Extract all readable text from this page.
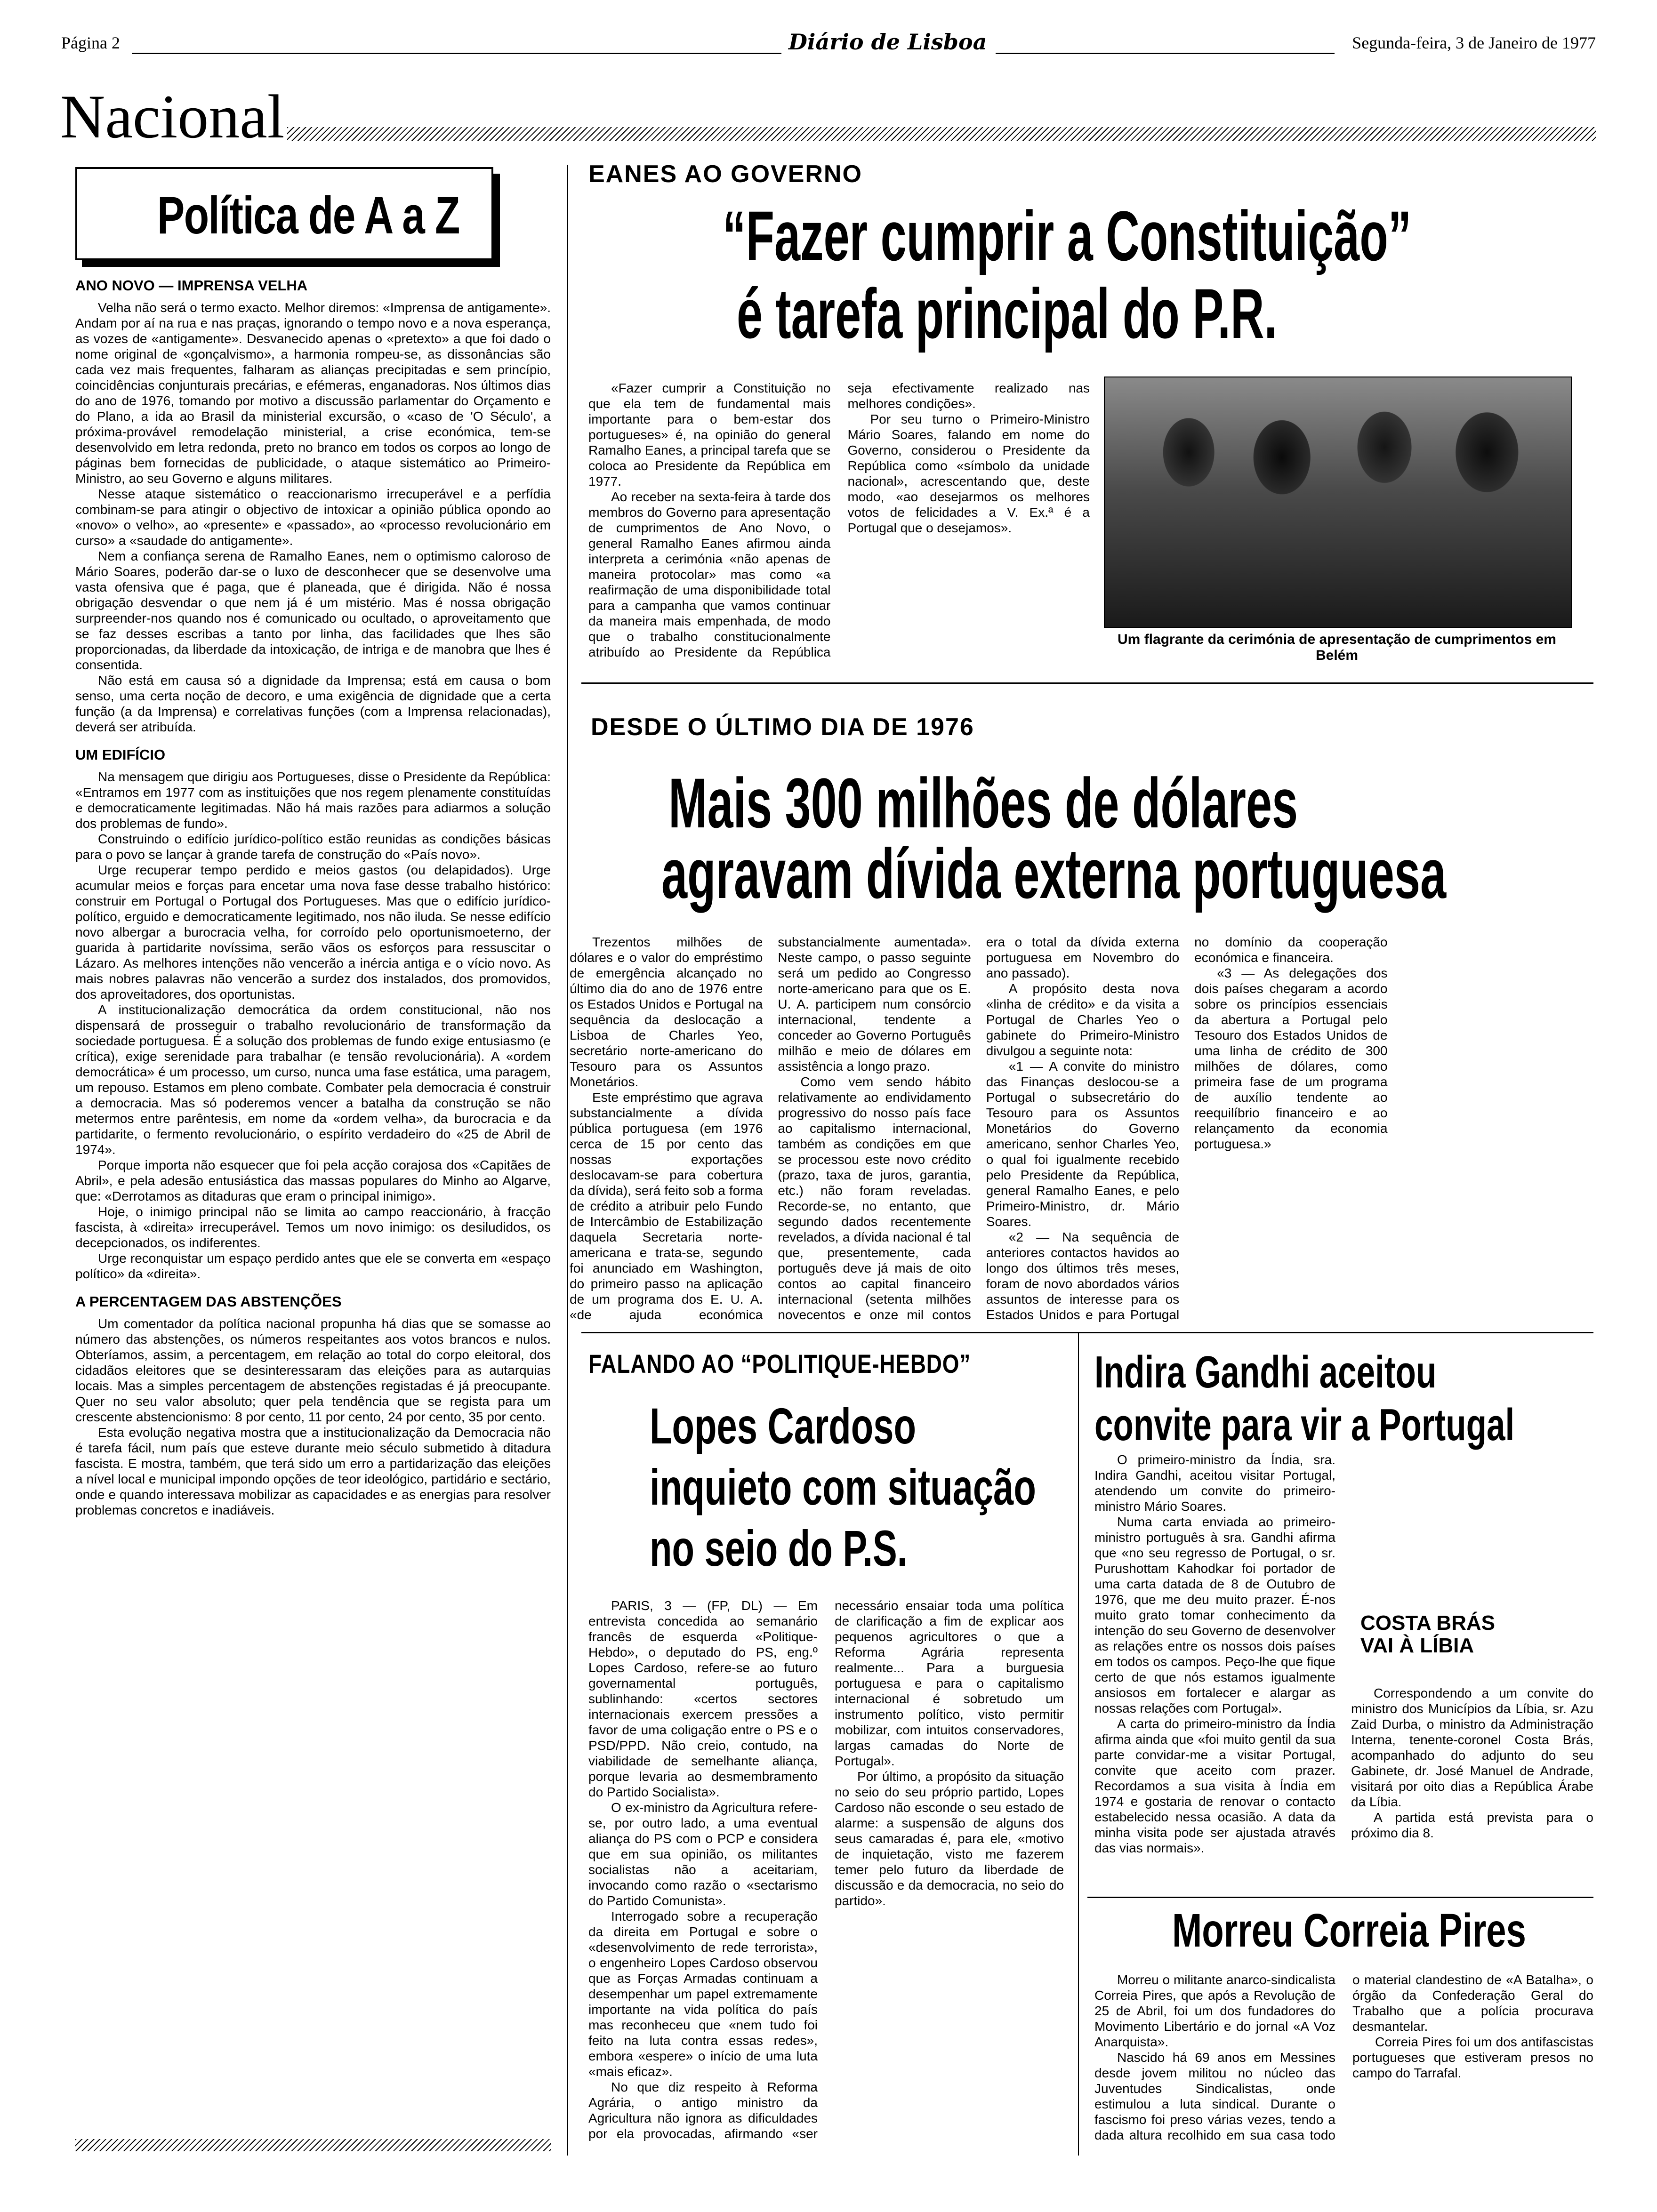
Página 2	Diário de Lisboa	Segunda-feira, 3 de Janeiro de 1977
Nacional
Política de A a Z
ANO NOVO — IMPRENSA VELHA

Velha não será o termo exacto. Melhor diremos: «Imprensa de antigamente». Andam por aí na rua e nas praças, ignorando o tempo novo e a nova esperança, as vozes de «antigamente». Desvanecido apenas o «pretexto» a que foi dado o nome original de «gonçalvismo», a harmonia rompeu-se, as dissonâncias são cada vez mais frequentes, falharam as alianças precipitadas e sem princípio, coincidências conjunturais precárias, e efémeras, enganadoras. Nos últimos dias do ano de 1976, tomando por motivo a discussão parlamentar do Orçamento e do Plano, a ida ao Brasil da ministerial excursão, o «caso de 'O Século', a próxima-provável remodelação ministerial, a crise económica, tem-se desenvolvido em letra redonda, preto no branco em todos os corpos ao longo de páginas bem fornecidas de publicidade, o ataque sistemático ao Primeiro-Ministro, ao seu Governo e alguns militares.

Nesse ataque sistemático o reaccionarismo irrecuperável e a perfídia combinam-se para atingir o objectivo de intoxicar a opinião pública opondo ao «novo» o velho», ao «presente» e «passado», ao «processo revolucionário em curso» a «saudade do antigamente».

Nem a confiança serena de Ramalho Eanes, nem o optimismo caloroso de Mário Soares, poderão dar-se o luxo de desconhecer que se desenvolve uma vasta ofensiva que é paga, que é planeada, que é dirigida. Não é nossa obrigação desvendar o que nem já é um mistério. Mas é nossa obrigação surpreender-nos quando nos é comunicado ou ocultado, o aproveitamento que se faz desses escribas a tanto por linha, das facilidades que lhes são proporcionadas, da liberdade da intoxicação, de intriga e de manobra que lhes é consentida.

Não está em causa só a dignidade da Imprensa; está em causa o bom senso, uma certa noção de decoro, e uma exigência de dignidade que a certa função (a da Imprensa) e correlativas funções (com a Imprensa relacionadas), deverá ser atribuída.

UM EDIFÍCIO

Na mensagem que dirigiu aos Portugueses, disse o Presidente da República: «Entramos em 1977 com as instituições que nos regem plenamente constituídas e democraticamente legitimadas. Não há mais razões para adiarmos a solução dos problemas de fundo».

Construindo o edifício jurídico-político estão reunidas as condições básicas para o povo se lançar à grande tarefa de construção do «País novo».

Urge recuperar tempo perdido e meios gastos (ou delapidados). Urge acumular meios e forças para encetar uma nova fase desse trabalho histórico: construir em Portugal o Portugal dos Portugueses. Mas que o edifício jurídico-político, erguido e democraticamente legitimado, nos não iluda. Se nesse edifício novo albergar a burocracia velha, for corroído pelo oportunismoeterno, der guarida à partidarite novíssima, serão vãos os esforços para ressuscitar o Lázaro. As melhores intenções não vencerão a inércia antiga e o vício novo. As mais nobres palavras não vencerão a surdez dos instalados, dos promovidos, dos aproveitadores, dos oportunistas.

A institucionalização democrática da ordem constitucional, não nos dispensará de prosseguir o trabalho revolucionário de transformação da sociedade portuguesa. É a solução dos problemas de fundo exige entusiasmo (e crítica), exige serenidade para trabalhar (e tensão revolucionária). A «ordem democrática» é um processo, um curso, nunca uma fase estática, uma paragem, um repouso. Estamos em pleno combate. Combater pela democracia é construir a democracia. Mas só poderemos vencer a batalha da construção se não metermos entre parêntesis, em nome da «ordem velha», da burocracia e da partidarite, o fermento revolucionário, o espírito verdadeiro do «25 de Abril de 1974».

Porque importa não esquecer que foi pela acção corajosa dos «Capitães de Abril», e pela adesão entusiástica das massas populares do Minho ao Algarve, que: «Derrotamos as ditaduras que eram o principal inimigo».

Hoje, o inimigo principal não se limita ao campo reaccionário, à fracção fascista, à «direita» irrecuperável. Temos um novo inimigo: os desiludidos, os decepcionados, os indiferentes.

Urge reconquistar um espaço perdido antes que ele se converta em «espaço político» da «direita».

A PERCENTAGEM DAS ABSTENÇÕES

Um comentador da política nacional propunha há dias que se somasse ao número das abstenções, os números respeitantes aos votos brancos e nulos. Obteríamos, assim, a percentagem, em relação ao total do corpo eleitoral, dos cidadãos eleitores que se desinteressaram das eleições para as autarquias locais. Mas a simples percentagem de abstenções registadas é já preocupante. Quer no seu valor absoluto; quer pela tendência que se regista para um crescente abstencionismo: 8 por cento, 11 por cento, 24 por cento, 35 por cento.

Esta evolução negativa mostra que a institucionalização da Democracia não é tarefa fácil, num país que esteve durante meio século submetido à ditadura fascista. E mostra, também, que terá sido um erro a partidarização das eleições a nível local e municipal impondo opções de teor ideológico, partidário e sectário, onde e quando interessava mobilizar as capacidades e as energias para resolver problemas concretos e inadiáveis.

EANES AO GOVERNO
“Fazer cumprir a Constituição”
é tarefa principal do P.R.

«Fazer cumprir a Constituição no que ela tem de fundamental mais importante para o bem-estar dos portugueses» é, na opinião do general Ramalho Eanes, a principal tarefa que se coloca ao Presidente da República em 1977.

Ao receber na sexta-feira à tarde dos membros do Governo para apresentação de cumprimentos de Ano Novo, o general Ramalho Eanes afirmou ainda interpreta a cerimónia «não apenas de maneira protocolar» mas como «a reafirmação de uma disponibilidade total para a campanha que vamos continuar da maneira mais empenhada, de modo que o trabalho constitucionalmente atribuído ao Presidente da República seja efectivamente realizado nas melhores condições».

Por seu turno o Primeiro-Ministro Mário Soares, falando em nome do Governo, considerou o Presidente da República como «símbolo da unidade nacional», acrescentando que, deste modo, «ao desejarmos os melhores votos de felicidades a V. Ex.ª é a Portugal que o desejamos».

Um flagrante da cerimónia de apresentação de cumprimentos em Belém
DESDE O ÚLTIMO DIA DE 1976
Mais 300 milhões de dólares
agravam dívida externa portuguesa

Trezentos milhões de dólares e o valor do empréstimo de emergência alcançado no último dia do ano de 1976 entre os Estados Unidos e Portugal na sequência da deslocação a Lisboa de Charles Yeo, secretário norte-americano do Tesouro para os Assuntos Monetários.

Este empréstimo que agrava substancialmente a dívida pública portuguesa (em 1976 cerca de 15 por cento das nossas exportações deslocavam-se para cobertura da dívida), será feito sob a forma de crédito a atribuir pelo Fundo de Intercâmbio de Estabilização daquela Secretaria norte-americana e trata-se, segundo foi anunciado em Washington, do primeiro passo na aplicação de um programa dos E. U. A. «de ajuda económica substancialmente aumentada». Neste campo, o passo seguinte será um pedido ao Congresso norte-americano para que os E. U. A. participem num consórcio internacional, tendente a conceder ao Governo Português milhão e meio de dólares em assistência a longo prazo.

Como vem sendo hábito relativamente ao endividamento progressivo do nosso país face ao capitalismo internacional, também as condições em que se processou este novo crédito (prazo, taxa de juros, garantia, etc.) não foram reveladas. Recorde-se, no entanto, que segundo dados recentemente revelados, a dívida nacional é tal que, presentemente, cada português deve já mais de oito contos ao capital financeiro internacional (setenta milhões novecentos e onze mil contos era o total da dívida externa portuguesa em Novembro do ano passado).

A propósito desta nova «linha de crédito» e da visita a Portugal de Charles Yeo o gabinete do Primeiro-Ministro divulgou a seguinte nota:

«1 — A convite do ministro das Finanças deslocou-se a Portugal o subsecretário do Tesouro para os Assuntos Monetários do Governo americano, senhor Charles Yeo, o qual foi igualmente recebido pelo Presidente da República, general Ramalho Eanes, e pelo Primeiro-Ministro, dr. Mário Soares.

«2 — Na sequência de anteriores contactos havidos ao longo dos últimos três meses, foram de novo abordados vários assuntos de interesse para os Estados Unidos e para Portugal no domínio da cooperação económica e financeira.

«3 — As delegações dos dois países chegaram a acordo sobre os princípios essenciais da abertura a Portugal pelo Tesouro dos Estados Unidos de uma linha de crédito de 300 milhões de dólares, como primeira fase de um programa de auxílio tendente ao reequilíbrio financeiro e ao relançamento da economia portuguesa.»

FALANDO AO “POLITIQUE-HEBDO”
Lopes Cardoso
inquieto com situação
no seio do P.S.

PARIS, 3 — (FP, DL) — Em entrevista concedida ao semanário francês de esquerda «Politique-Hebdo», o deputado do PS, eng.º Lopes Cardoso, refere-se ao futuro governamental português, sublinhando: «certos sectores internacionais exercem pressões a favor de uma coligação entre o PS e o PSD/PPD. Não creio, contudo, na viabilidade de semelhante aliança, porque levaria ao desmembramento do Partido Socialista».

O ex-ministro da Agricultura refere-se, por outro lado, a uma eventual aliança do PS com o PCP e considera que em sua opinião, os militantes socialistas não a aceitariam, invocando como razão o «sectarismo do Partido Comunista».

Interrogado sobre a recuperação da direita em Portugal e sobre o «desenvolvimento de rede terrorista», o engenheiro Lopes Cardoso observou que as Forças Armadas continuam a desempenhar um papel extremamente importante na vida política do país mas reconheceu que «nem tudo foi feito na luta contra essas redes», embora «espere» o início de uma luta «mais eficaz».

No que diz respeito à Reforma Agrária, o antigo ministro da Agricultura não ignora as dificuldades por ela provocadas, afirmando «ser necessário ensaiar toda uma política de clarificação a fim de explicar aos pequenos agricultores o que a Reforma Agrária representa realmente... Para a burguesia portuguesa e para o capitalismo internacional é sobretudo um instrumento político, visto permitir mobilizar, com intuitos conservadores, largas camadas do Norte de Portugal».

Por último, a propósito da situação no seio do seu próprio partido, Lopes Cardoso não esconde o seu estado de alarme: a suspensão de alguns dos seus camaradas é, para ele, «motivo de inquietação, visto me fazerem temer pelo futuro da liberdade de discussão e da democracia, no seio do partido».

Indira Gandhi aceitou
convite para vir a Portugal

O primeiro-ministro da Índia, sra. Indira Gandhi, aceitou visitar Portugal, atendendo um convite do primeiro-ministro Mário Soares.

Numa carta enviada ao primeiro-ministro português à sra. Gandhi afirma que «no seu regresso de Portugal, o sr. Purushottam Kahodkar foi portador de uma carta datada de 8 de Outubro de 1976, que me deu muito prazer. É-nos muito grato tomar conhecimento da intenção do seu Governo de desenvolver as relações entre os nossos dois países em todos os campos. Peço-lhe que fique certo de que nós estamos igualmente ansiosos em fortalecer e alargar as nossas relações com Portugal».

A carta do primeiro-ministro da Índia afirma ainda que «foi muito gentil da sua parte convidar-me a visitar Portugal, convite que aceito com prazer. Recordamos a sua visita à Índia em 1974 e gostaria de renovar o contacto estabelecido nessa ocasião. A data da minha visita pode ser ajustada através das vias normais».

COSTA BRÁS
VAI À LÍBIA

Correspondendo a um convite do ministro dos Municípios da Líbia, sr. Azu Zaid Durba, o ministro da Administração Interna, tenente-coronel Costa Brás, acompanhado do adjunto do seu Gabinete, dr. José Manuel de Andrade, visitará por oito dias a República Árabe da Líbia.

A partida está prevista para o próximo dia 8.

Morreu Correia Pires

Morreu o militante anarco-sindicalista Correia Pires, que após a Revolução de 25 de Abril, foi um dos fundadores do Movimento Libertário e do jornal «A Voz Anarquista».

Nascido há 69 anos em Messines desde jovem militou no núcleo das Juventudes Sindicalistas, onde estimulou a luta sindical. Durante o fascismo foi preso várias vezes, tendo a dada altura recolhido em sua casa todo o material clandestino de «A Batalha», o órgão da Confederação Geral do Trabalho que a polícia procurava desmantelar.

Correia Pires foi um dos antifascistas portugueses que estiveram presos no campo do Tarrafal.
